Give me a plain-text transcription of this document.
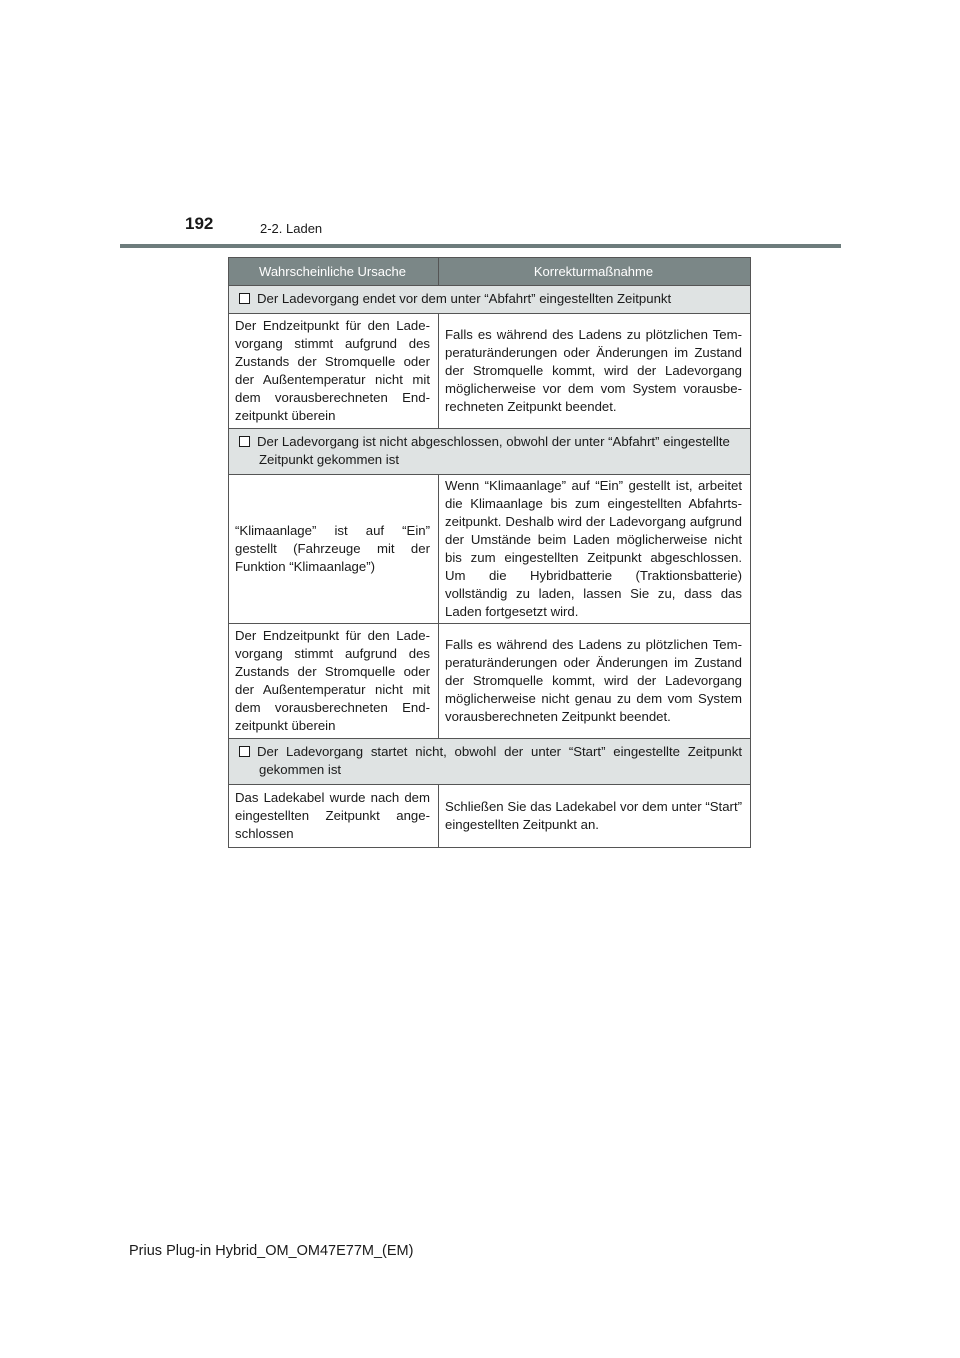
192	2-2. Laden
Wahrscheinliche Ursache	Korrekturmaßnahme

Der Ladevorgang endet vor dem unter “Abfahrt” eingestellten Zeitpunkt	

Der Endzeitpunkt für den Ladevorgang stimmt aufgrund des Zustands der Stromquelle oder der Außentemperatur nicht mit dem vorausberechneten Endzeitpunkt überein	Falls es während des Ladens zu plötzlichen Temperaturänderungen oder Änderungen im Zustand der Stromquelle kommt, wird der Ladevorgang möglicherweise vor dem vom System vorausberechneten Zeitpunkt beendet.

Der Ladevorgang ist nicht abgeschlossen, obwohl der unter “Abfahrt” eingestellte Zeitpunkt gekommen ist	

“Klimaanlage” ist auf “Ein” gestellt (Fahrzeuge mit der Funktion “Klimaanlage”)	Wenn “Klimaanlage” auf “Ein” gestellt ist, arbeitet die Klimaanlage bis zum eingestellten Abfahrtszeitpunkt. Deshalb wird der Ladevorgang aufgrund der Umstände beim Laden möglicherweise nicht bis zum eingestellten Zeitpunkt abgeschlossen. Um die Hybridbatterie (Traktionsbatterie) vollständig zu laden, lassen Sie zu, dass das Laden fortgesetzt wird.
Der Endzeitpunkt für den Ladevorgang stimmt aufgrund des Zustands der Stromquelle oder der Außentemperatur nicht mit dem vorausberechneten Endzeitpunkt überein	Falls es während des Ladens zu plötzlichen Temperaturänderungen oder Änderungen im Zustand der Stromquelle kommt, wird der Ladevorgang möglicherweise nicht genau zu dem vom System vorausberechneten Zeitpunkt beendet.

Der Ladevorgang startet nicht, obwohl der unter “Start” eingestellte Zeitpunkt gekommen ist	

Das Ladekabel wurde nach dem eingestellten Zeitpunkt angeschlossen	Schließen Sie das Ladekabel vor dem unter “Start” eingestellten Zeitpunkt an.
Prius Plug-in Hybrid_OM_OM47E77M_(EM)
